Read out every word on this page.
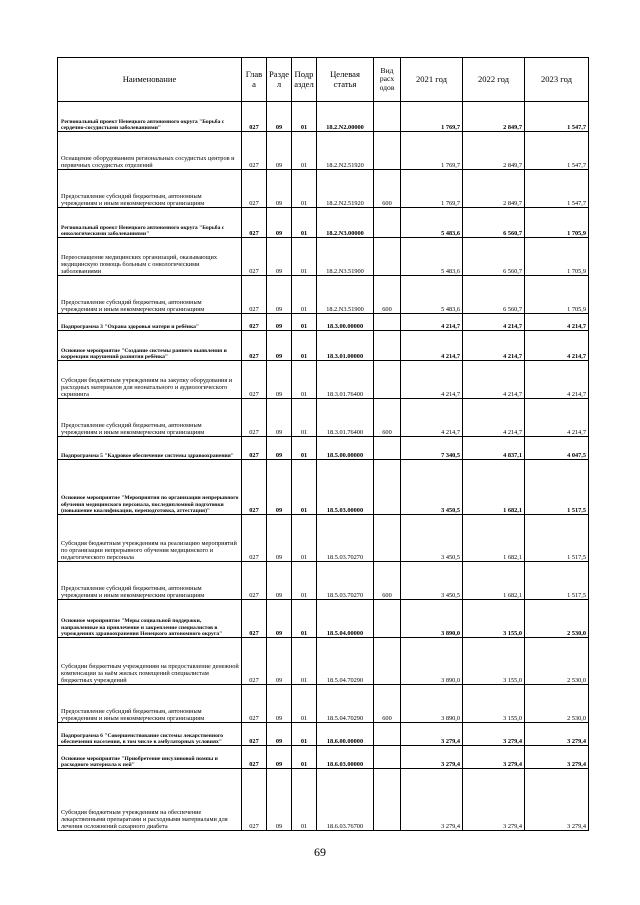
Наименование	Глав а	Разде л	Подр аздел	Целевая статья	Вид расх одов	2021 год	2022 год	2023 год
Региональный проект Ненецкого автономного округа "Борьба с сердечно-сосудистыми заболеваниями"	027	09	01	18.2.N2.00000		1 769,7	2 849,7	1 547,7
Оснащение оборудованием региональных сосудистых центров и первичных сосудистых отделений	027	09	01	18.2.N2.51920		1 769,7	2 849,7	1 547,7
Предоставление субсидий бюджетным, автономным учреждениям и иным некоммерческим организациям	027	09	01	18.2.N2.51920	600	1 769,7	2 849,7	1 547,7
Региональный проект Ненецкого автономного округа "Борьба с онкологическими заболеваниями"	027	09	01	18.2.N3.00000		5 483,6	6 560,7	1 705,9
Переоснащение медицинских организаций, оказывающих медицинскую помощь больным с онкологическими заболеваниями	027	09	01	18.2.N3.51900		5 483,6	6 560,7	1 705,9
Предоставление субсидий бюджетным, автономным учреждениям и иным некоммерческим организациям	027	09	01	18.2.N3.51900	600	5 483,6	6 560,7	1 705,9
Подпрограмма 3 "Охрана здоровья матери и ребёнка"	027	09	01	18.3.00.00000		4 214,7	4 214,7	4 214,7
Основное мероприятие "Создание системы раннего выявления и коррекции нарушений развития ребёнка"	027	09	01	18.3.01.00000		4 214,7	4 214,7	4 214,7
Субсидия бюджетным учреждениям на закупку оборудования и расходных материалов для неонатального и аудиологического скрининга	027	09	01	18.3.01.76400		4 214,7	4 214,7	4 214,7
Предоставление субсидий бюджетным, автономным учреждениям и иным некоммерческим организациям	027	09	01	18.3.01.76400	600	4 214,7	4 214,7	4 214,7
Подпрограмма 5 "Кадровое обеспечение системы здравоохранения"	027	09	01	18.5.00.00000		7 340,5	4 837,1	4 047,5
Основное мероприятие "Мероприятия по организации непрерывного обучения медицинского персонала, последипломной подготовки (повышение квалификации, переподготовка, аттестация)"	027	09	01	18.5.03.00000		3 450,5	1 682,1	1 517,5
Субсидия бюджетным учреждениям на реализацию мероприятий по организации непрерывного обучения медицинского и педагогического персонала	027	09	01	18.5.03.70270		3 450,5	1 682,1	1 517,5
Предоставление субсидий бюджетным, автономным учреждениям и иным некоммерческим организациям	027	09	01	18.5.03.70270	600	3 450,5	1 682,1	1 517,5
Основное мероприятие "Меры социальной поддержки, направленные на привлечение и закрепление специалистов в учреждениях здравоохранения Ненецкого автономного округа"	027	09	01	18.5.04.00000		3 890,0	3 155,0	2 530,0
Субсидии бюджетным учреждениям на предоставление денежной компенсации за наём жилых помещений специалистам бюджетных учреждений	027	09	01	18.5.04.70290		3 890,0	3 155,0	2 530,0
Предоставление субсидий бюджетным, автономным учреждениям и иным некоммерческим организациям	027	09	01	18.5.04.70290	600	3 890,0	3 155,0	2 530,0
Подпрограмма 6 "Совершенствование системы лекарственного обеспечения населения, в том числе в амбулаторных условиях"	027	09	01	18.6.00.00000		3 279,4	3 279,4	3 279,4
Основное мероприятие "Приобретение инсулиновой помпы и расходного материала к ней"	027	09	01	18.6.03.00000		3 279,4	3 279,4	3 279,4
Субсидия бюджетным учреждениям на обеспечение лекарственными препаратами и расходными материалами для лечения осложнений сахарного диабета	027	09	01	18.6.03.76700		3 279,4	3 279,4	3 279,4
69
